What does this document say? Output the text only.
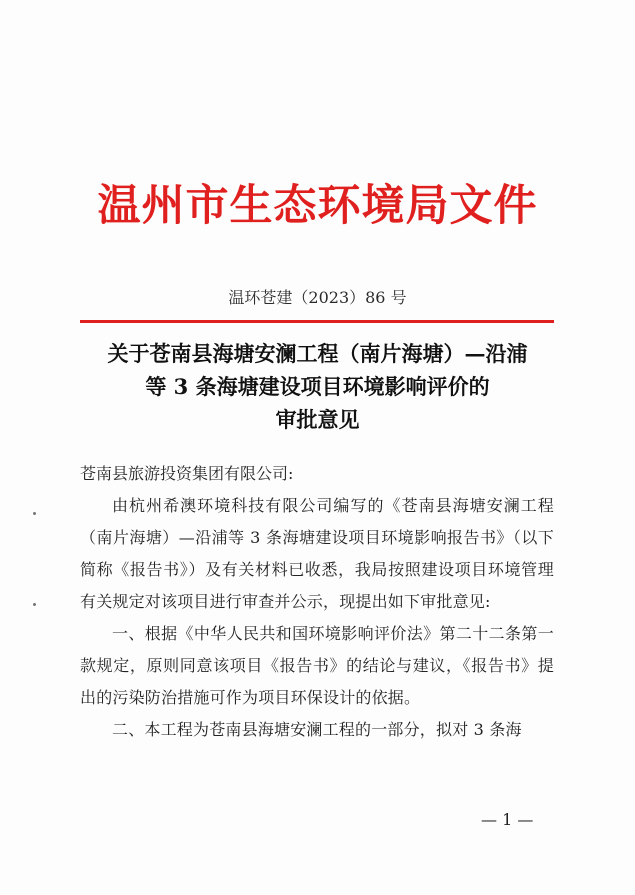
温州市生态环境局文件
温环苍建（2023）86 号
关于苍南县海塘安澜工程（南片海塘）—沿浦
等 3 条海塘建设项目环境影响评价的
审批意见

苍南县旅游投资集团有限公司:

由杭州希澳环境科技有限公司编写的《苍南县海塘安澜工程（南片海塘）—沿浦等 3 条海塘建设项目环境影响报告书》（以下简称《报告书》）及有关材料已收悉，我局按照建设项目环境管理有关规定对该项目进行审查并公示，现提出如下审批意见:

一、根据《中华人民共和国环境影响评价法》第二十二条第一款规定，原则同意该项目《报告书》的结论与建议，《报告书》提出的污染防治措施可作为项目环保设计的依据。

二、本工程为苍南县海塘安澜工程的一部分，拟对 3 条海

— 1 —
